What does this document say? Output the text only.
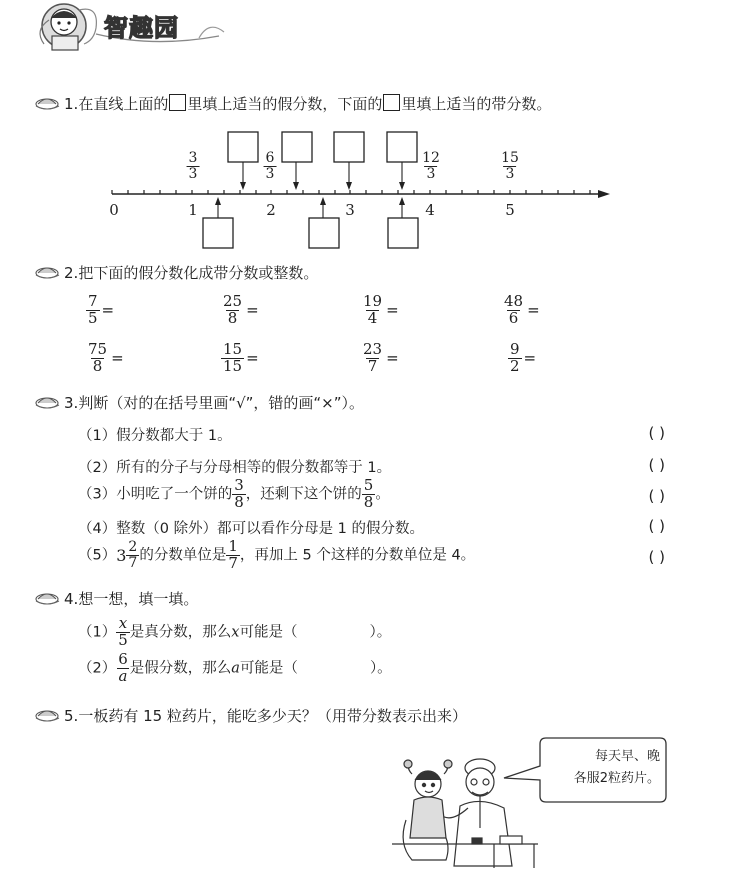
智趣园
1.在直线上面的 里填上适当的假分数，下面的 里填上适当的带分数。
$\frac{3}{3}$	$\frac{6}{3}$	$\frac{12}{3}$	$\frac{15}{3}$
0	1	2	3	4	5
2.把下面的假分数化成带分数或整数。
$\frac{7}{5}$ =	$\frac{25}{8}$ =	$\frac{19}{4}$ =	$\frac{48}{6}$ =
$\frac{75}{8}$ =	$\frac{15}{15}$ =	$\frac{23}{7}$ =	$\frac{9}{2}$ =
3.判断（对的在括号里画“√”，错的画“×”）。
（1）假分数都大于 1。	( )
（2）所有的分子与分母相等的假分数都等于 1。	( )
（3）小明吃了一个饼的 $\frac{3}{8}$ ，还剩下这个饼的 $\frac{5}{8}$ 。	( )
（4）整数（0 除外）都可以看作分母是 1 的假分数。	( )
$(5)3 \frac{2}{7}$ 的分数单位是 $\frac{1}{7}$ ，再加上 5 个这样的分数单位是 4。	( )
4.想一想，填一填。
$(1) \frac{x}{5}$ 是真分数，那么x可能是（	）。
$(2) \frac{6}{a}$ 是假分数，那么a可能是（	）。
5.一板药有 15 粒药片，能吃多少天？（用带分数表示出来）
每天早、晚
各服2粒药片。
